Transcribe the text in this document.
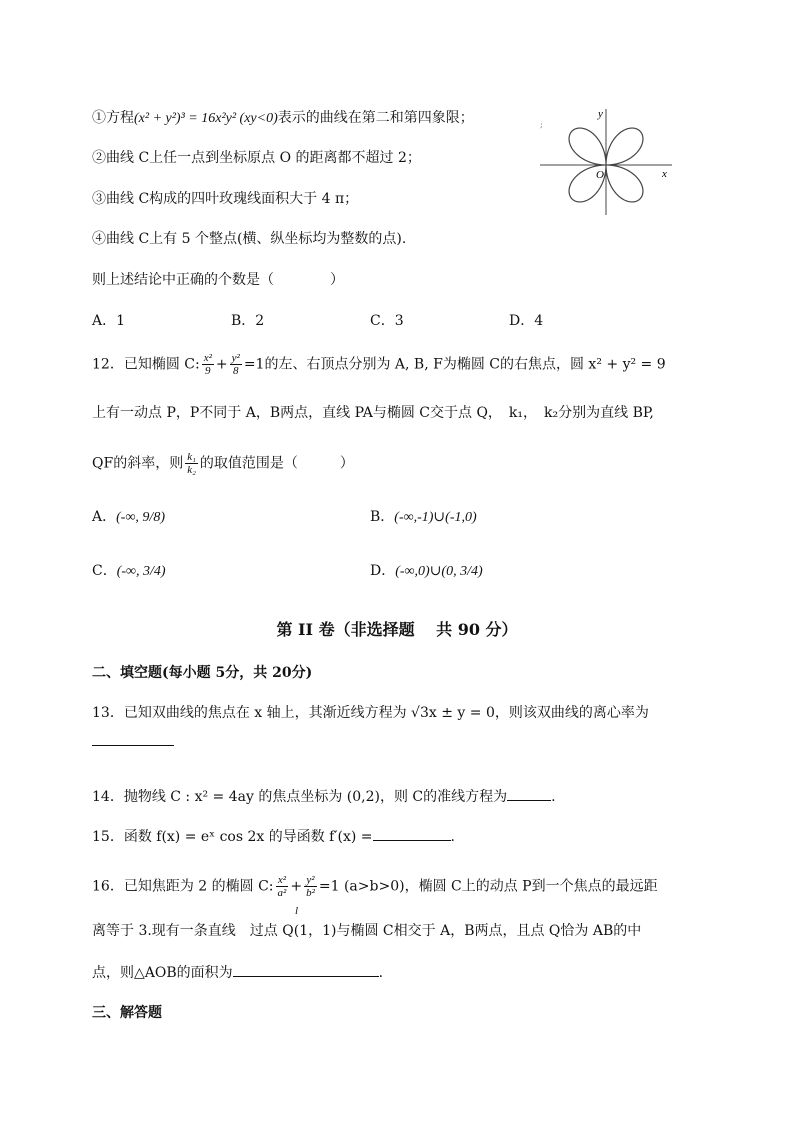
①方程(x² + y²)³ = 16x²y² (xy<0)表示的曲线在第二和第四象限；
②曲线 C上任一点到坐标原点 O 的距离都不超过 2；
③曲线 C构成的四叶玫瑰线面积大于 4 π；
④曲线 C上有 5 个整点(横、纵坐标均为整数的点).
则上述结论中正确的个数是（　　　　）
A．1	B．2	C．3	D．4
y
x
O
;
12．已知椭圆 C: $\frac{\text{x²}}{9} + \frac{\text{y²}}{8} =1$的左、右顶点分别为 A, B, F为椭圆 C的右焦点，圆 x² + y² = 9
上有一动点 P，P不同于 A，B两点，直线 PA与椭圆 C交于点 Q，　k₁，　k₂分别为直线 BP,
QF的斜率，则 $\frac{\text{k₁}}{\text{k₂}}$ 的取值范围是（　　　）
A．(-∞, 9/8)	B．(-∞,-1)∪(-1,0)
C．(-∞, 3/4)	D．(-∞,0)∪(0, 3/4)
第 II 卷（非选择题　 共 90 分）
二、填空题(每小题 5分，共 20分)
13．已知双曲线的焦点在 x 轴上，其渐近线方程为 √3x ± y = 0，则该双曲线的离心率为
14．抛物线 C : x² = 4ay 的焦点坐标为 (0,2)，则 C的准线方程为	.
15．函数 f(x) = eˣ cos 2x 的导函数 f′(x) =	.
16．已知焦距为 2 的椭圆 C: $\frac{\text{x²}}{\text{a²}} + \frac{\text{y²}}{\text{b²}} =1$ (a>b>0)，椭圆 C上的动点 P到一个焦点的最远距
l
离等于 3.现有一条直线　过点 Q(1，1)与椭圆 C相交于 A，B两点，且点 Q恰为 AB的中
点，则△AOB的面积为	.
三、解答题
